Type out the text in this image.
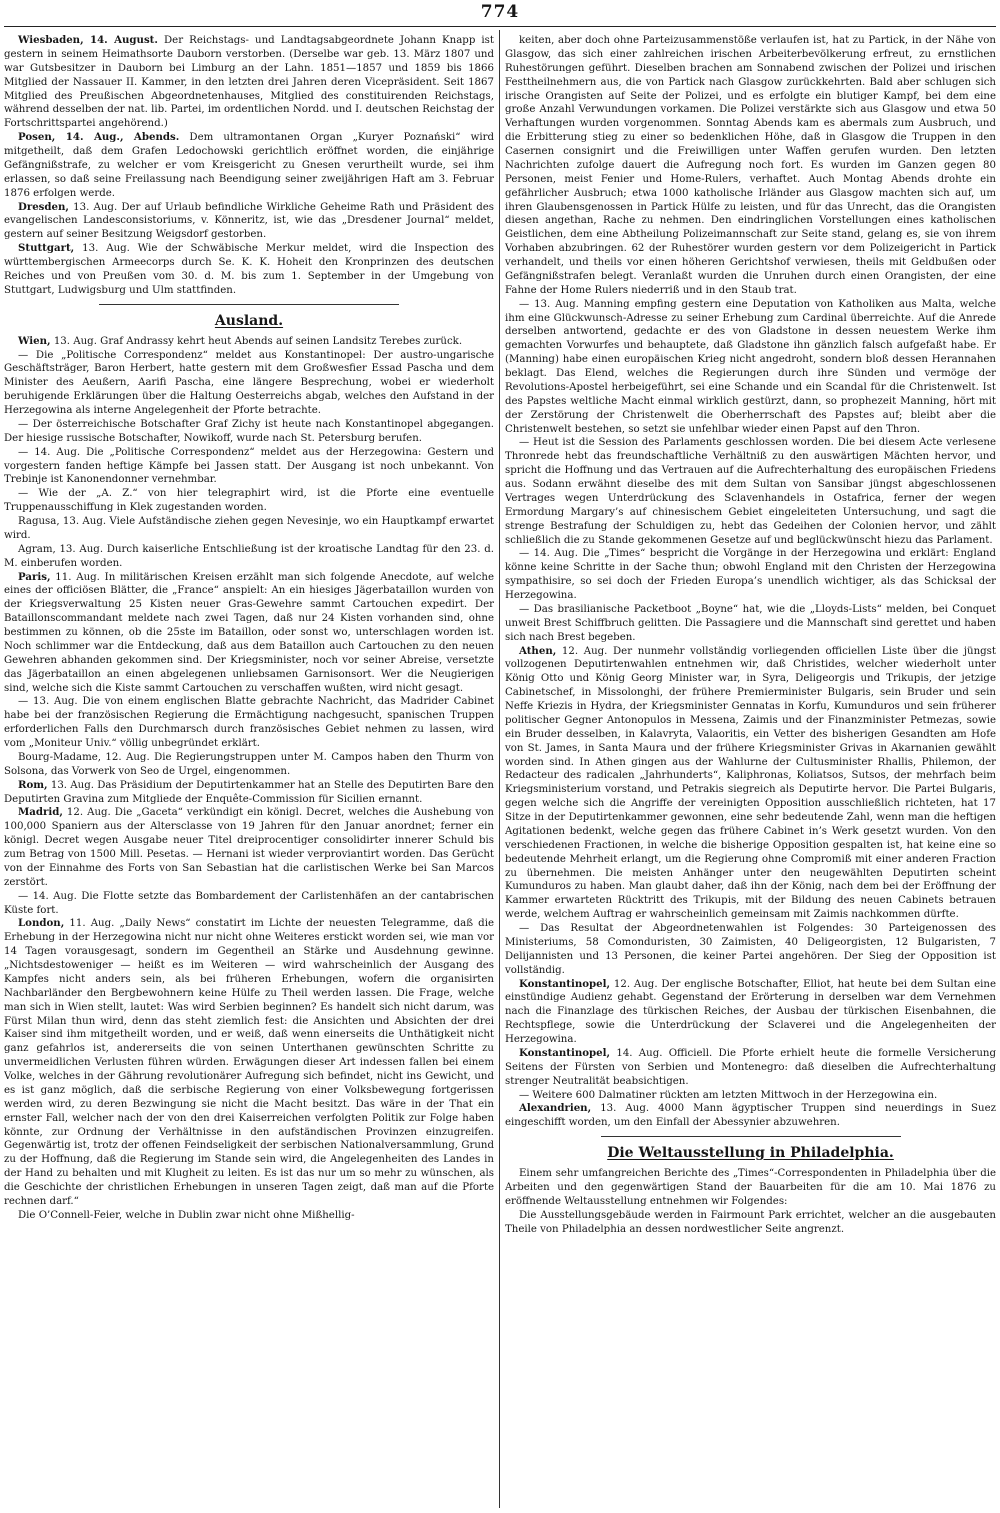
774

Wiesbaden, 14. August. Der Reichstags- und Landtagsabgeordnete Johann Knapp ist gestern in seinem Heimathsorte Dauborn verstorben. (Derselbe war geb. 13. März 1807 und war Gutsbesitzer in Dauborn bei Limburg an der Lahn. 1851—1857 und 1859 bis 1866 Mitglied der Nassauer II. Kammer, in den letzten drei Jahren deren Vicepräsident. Seit 1867 Mitglied des Preußischen Abgeordnetenhauses, Mitglied des constituirenden Reichstags, während desselben der nat. lib. Partei, im ordentlichen Nordd. und I. deutschen Reichstag der Fortschrittspartei angehörend.)

Posen, 14. Aug., Abends. Dem ultramontanen Organ „Kuryer Poznański“ wird mitgetheilt, daß dem Grafen Ledochowski gerichtlich eröffnet worden, die einjährige Gefängnißstrafe, zu welcher er vom Kreisgericht zu Gnesen verurtheilt wurde, sei ihm erlassen, so daß seine Freilassung nach Beendigung seiner zweijährigen Haft am 3. Februar 1876 erfolgen werde.

Dresden, 13. Aug. Der auf Urlaub befindliche Wirkliche Geheime Rath und Präsident des evangelischen Landesconsistoriums, v. Könneritz, ist, wie das „Dresdener Journal“ meldet, gestern auf seiner Besitzung Weigsdorf gestorben.

Stuttgart, 13. Aug. Wie der Schwäbische Merkur meldet, wird die Inspection des württembergischen Armeecorps durch Se. K. K. Hoheit den Kronprinzen des deutschen Reiches und von Preußen vom 30. d. M. bis zum 1. September in der Umgebung von Stuttgart, Ludwigsburg und Ulm stattfinden.

Ausland.

Wien, 13. Aug. Graf Andrassy kehrt heut Abends auf seinen Landsitz Terebes zurück.

— Die „Politische Correspondenz“ meldet aus Konstantinopel: Der austro-ungarische Geschäftsträger, Baron Herbert, hatte gestern mit dem Großwesfier Essad Pascha und dem Minister des Aeußern, Aarifi Pascha, eine längere Besprechung, wobei er wiederholt beruhigende Erklärungen über die Haltung Oesterreichs abgab, welches den Aufstand in der Herzegowina als interne Angelegenheit der Pforte betrachte.

— Der österreichische Botschafter Graf Zichy ist heute nach Konstantinopel abgegangen. Der hiesige russische Botschafter, Nowikoff, wurde nach St. Petersburg berufen.

— 14. Aug. Die „Politische Correspondenz“ meldet aus der Herzegowina: Gestern und vorgestern fanden heftige Kämpfe bei Jassen statt. Der Ausgang ist noch unbekannt. Von Trebinje ist Kanonendonner vernehmbar.

— Wie der „A. Z.“ von hier telegraphirt wird, ist die Pforte eine eventuelle Truppenausschiffung in Klek zugestanden worden.

Ragusa, 13. Aug. Viele Aufständische ziehen gegen Nevesinje, wo ein Hauptkampf erwartet wird.

Agram, 13. Aug. Durch kaiserliche Entschließung ist der kroatische Landtag für den 23. d. M. einberufen worden.

Paris, 11. Aug. In militärischen Kreisen erzählt man sich folgende Anecdote, auf welche eines der officiösen Blätter, die „France“ anspielt: An ein hiesiges Jägerbataillon wurden von der Kriegsverwaltung 25 Kisten neuer Gras-Gewehre sammt Cartouchen expedirt. Der Bataillonscommandant meldete nach zwei Tagen, daß nur 24 Kisten vorhanden sind, ohne bestimmen zu können, ob die 25ste im Bataillon, oder sonst wo, unterschlagen worden ist. Noch schlimmer war die Entdeckung, daß aus dem Bataillon auch Cartouchen zu den neuen Gewehren abhanden gekommen sind. Der Kriegsminister, noch vor seiner Abreise, versetzte das Jägerbataillon an einen abgelegenen unliebsamen Garnisonsort. Wer die Neugierigen sind, welche sich die Kiste sammt Cartouchen zu verschaffen wußten, wird nicht gesagt.

— 13. Aug. Die von einem englischen Blatte gebrachte Nachricht, das Madrider Cabinet habe bei der französischen Regierung die Ermächtigung nachgesucht, spanischen Truppen erforderlichen Falls den Durchmarsch durch französisches Gebiet nehmen zu lassen, wird vom „Moniteur Univ.“ völlig unbegründet erklärt.

Bourg-Madame, 12. Aug. Die Regierungstruppen unter M. Campos haben den Thurm von Solsona, das Vorwerk von Seo de Urgel, eingenommen.

Rom, 13. Aug. Das Präsidium der Deputirtenkammer hat an Stelle des Deputirten Bare den Deputirten Gravina zum Mitgliede der Enquête-Commission für Sicilien ernannt.

Madrid, 12. Aug. Die „Gaceta“ verkündigt ein königl. Decret, welches die Aushebung von 100,000 Spaniern aus der Altersclasse von 19 Jahren für den Januar anordnet; ferner ein königl. Decret wegen Ausgabe neuer Titel dreiprocentiger consolidirter innerer Schuld bis zum Betrag von 1500 Mill. Pesetas. — Hernani ist wieder verproviantirt worden. Das Gerücht von der Einnahme des Forts von San Sebastian hat die carlistischen Werke bei San Marcos zerstört.

— 14. Aug. Die Flotte setzte das Bombardement der Carlistenhäfen an der cantabrischen Küste fort.

London, 11. Aug. „Daily News“ constatirt im Lichte der neuesten Telegramme, daß die Erhebung in der Herzegowina nicht nur nicht ohne Weiteres erstickt worden sei, wie man vor 14 Tagen vorausgesagt, sondern im Gegentheil an Stärke und Ausdehnung gewinne. „Nichtsdestoweniger — heißt es im Weiteren — wird wahrscheinlich der Ausgang des Kampfes nicht anders sein, als bei früheren Erhebungen, wofern die organisirten Nachbarländer den Bergbewohnern keine Hülfe zu Theil werden lassen. Die Frage, welche man sich in Wien stellt, lautet: Was wird Serbien beginnen? Es handelt sich nicht darum, was Fürst Milan thun wird, denn das steht ziemlich fest: die Ansichten und Absichten der drei Kaiser sind ihm mitgetheilt worden, und er weiß, daß wenn einerseits die Unthätigkeit nicht ganz gefahrlos ist, andererseits die von seinen Unterthanen gewünschten Schritte zu unvermeidlichen Verlusten führen würden. Erwägungen dieser Art indessen fallen bei einem Volke, welches in der Gährung revolutionärer Aufregung sich befindet, nicht ins Gewicht, und es ist ganz möglich, daß die serbische Regierung von einer Volksbewegung fortgerissen werden wird, zu deren Bezwingung sie nicht die Macht besitzt. Das wäre in der That ein ernster Fall, welcher nach der von den drei Kaiserreichen verfolgten Politik zur Folge haben könnte, zur Ordnung der Verhältnisse in den aufständischen Provinzen einzugreifen. Gegenwärtig ist, trotz der offenen Feindseligkeit der serbischen Nationalversammlung, Grund zu der Hoffnung, daß die Regierung im Stande sein wird, die Angelegenheiten des Landes in der Hand zu behalten und mit Klugheit zu leiten. Es ist das nur um so mehr zu wünschen, als die Geschichte der christlichen Erhebungen in unseren Tagen zeigt, daß man auf die Pforte rechnen darf.“

Die O’Connell-Feier, welche in Dublin zwar nicht ohne Mißhellig-

keiten, aber doch ohne Parteizusammenstöße verlaufen ist, hat zu Partick, in der Nähe von Glasgow, das sich einer zahlreichen irischen Arbeiterbevölkerung erfreut, zu ernstlichen Ruhestörungen geführt. Dieselben brachen am Sonnabend zwischen der Polizei und irischen Festtheilnehmern aus, die von Partick nach Glasgow zurückkehrten. Bald aber schlugen sich irische Orangisten auf Seite der Polizei, und es erfolgte ein blutiger Kampf, bei dem eine große Anzahl Verwundungen vorkamen. Die Polizei verstärkte sich aus Glasgow und etwa 50 Verhaftungen wurden vorgenommen. Sonntag Abends kam es abermals zum Ausbruch, und die Erbitterung stieg zu einer so bedenklichen Höhe, daß in Glasgow die Truppen in den Casernen consignirt und die Freiwilligen unter Waffen gerufen wurden. Den letzten Nachrichten zufolge dauert die Aufregung noch fort. Es wurden im Ganzen gegen 80 Personen, meist Fenier und Home-Rulers, verhaftet. Auch Montag Abends drohte ein gefährlicher Ausbruch; etwa 1000 katholische Irländer aus Glasgow machten sich auf, um ihren Glaubensgenossen in Partick Hülfe zu leisten, und für das Unrecht, das die Orangisten diesen angethan, Rache zu nehmen. Den eindringlichen Vorstellungen eines katholischen Geistlichen, dem eine Abtheilung Polizeimannschaft zur Seite stand, gelang es, sie von ihrem Vorhaben abzubringen. 62 der Ruhestörer wurden gestern vor dem Polizeigericht in Partick verhandelt, und theils vor einen höheren Gerichtshof verwiesen, theils mit Geldbußen oder Gefängnißstrafen belegt. Veranlaßt wurden die Unruhen durch einen Orangisten, der eine Fahne der Home Rulers niederriß und in den Staub trat.

— 13. Aug. Manning empfing gestern eine Deputation von Katholiken aus Malta, welche ihm eine Glückwunsch-Adresse zu seiner Erhebung zum Cardinal überreichte. Auf die Anrede derselben antwortend, gedachte er des von Gladstone in dessen neuestem Werke ihm gemachten Vorwurfes und behauptete, daß Gladstone ihn gänzlich falsch aufgefaßt habe. Er (Manning) habe einen europäischen Krieg nicht angedroht, sondern bloß dessen Herannahen beklagt. Das Elend, welches die Regierungen durch ihre Sünden und vermöge der Revolutions-Apostel herbeigeführt, sei eine Schande und ein Scandal für die Christenwelt. Ist des Papstes weltliche Macht einmal wirklich gestürzt, dann, so prophezeit Manning, hört mit der Zerstörung der Christenwelt die Oberherrschaft des Papstes auf; bleibt aber die Christenwelt bestehen, so setzt sie unfehlbar wieder einen Papst auf den Thron.

— Heut ist die Session des Parlaments geschlossen worden. Die bei diesem Acte verlesene Thronrede hebt das freundschaftliche Verhältniß zu den auswärtigen Mächten hervor, und spricht die Hoffnung und das Vertrauen auf die Aufrechterhaltung des europäischen Friedens aus. Sodann erwähnt dieselbe des mit dem Sultan von Sansibar jüngst abgeschlossenen Vertrages wegen Unterdrückung des Sclavenhandels in Ostafrica, ferner der wegen Ermordung Margary’s auf chinesischem Gebiet eingeleiteten Untersuchung, und sagt die strenge Bestrafung der Schuldigen zu, hebt das Gedeihen der Colonien hervor, und zählt schließlich die zu Stande gekommenen Gesetze auf und beglückwünscht hiezu das Parlament.

— 14. Aug. Die „Times“ bespricht die Vorgänge in der Herzegowina und erklärt: England könne keine Schritte in der Sache thun; obwohl England mit den Christen der Herzegowina sympathisire, so sei doch der Frieden Europa’s unendlich wichtiger, als das Schicksal der Herzegowina.

— Das brasilianische Packetboot „Boyne“ hat, wie die „Lloyds-Lists“ melden, bei Conquet unweit Brest Schiffbruch gelitten. Die Passagiere und die Mannschaft sind gerettet und haben sich nach Brest begeben.

Athen, 12. Aug. Der nunmehr vollständig vorliegenden officiellen Liste über die jüngst vollzogenen Deputirtenwahlen entnehmen wir, daß Christides, welcher wiederholt unter König Otto und König Georg Minister war, in Syra, Deligeorgis und Trikupis, der jetzige Cabinetschef, in Missolonghi, der frühere Premierminister Bulgaris, sein Bruder und sein Neffe Kriezis in Hydra, der Kriegsminister Gennatas in Korfu, Kumunduros und sein früherer politischer Gegner Antonopulos in Messena, Zaimis und der Finanzminister Petmezas, sowie ein Bruder desselben, in Kalavryta, Valaoritis, ein Vetter des bisherigen Gesandten am Hofe von St. James, in Santa Maura und der frühere Kriegsminister Grivas in Akarnanien gewählt worden sind. In Athen gingen aus der Wahlurne der Cultusminister Rhallis, Philemon, der Redacteur des radicalen „Jahrhunderts“, Kaliphronas, Koliatsos, Sutsos, der mehrfach beim Kriegsministerium vorstand, und Petrakis siegreich als Deputirte hervor. Die Partei Bulgaris, gegen welche sich die Angriffe der vereinigten Opposition ausschließlich richteten, hat 17 Sitze in der Deputirtenkammer gewonnen, eine sehr bedeutende Zahl, wenn man die heftigen Agitationen bedenkt, welche gegen das frühere Cabinet in’s Werk gesetzt wurden. Von den verschiedenen Fractionen, in welche die bisherige Opposition gespalten ist, hat keine eine so bedeutende Mehrheit erlangt, um die Regierung ohne Compromiß mit einer anderen Fraction zu übernehmen. Die meisten Anhänger unter den neugewählten Deputirten scheint Kumunduros zu haben. Man glaubt daher, daß ihn der König, nach dem bei der Eröffnung der Kammer erwarteten Rücktritt des Trikupis, mit der Bildung des neuen Cabinets betrauen werde, welchem Auftrag er wahrscheinlich gemeinsam mit Zaimis nachkommen dürfte.

— Das Resultat der Abgeordnetenwahlen ist Folgendes: 30 Parteigenossen des Ministeriums, 58 Comonduristen, 30 Zaimisten, 40 Deligeorgisten, 12 Bulgaristen, 7 Delijannisten und 13 Personen, die keiner Partei angehören. Der Sieg der Opposition ist vollständig.

Konstantinopel, 12. Aug. Der englische Botschafter, Elliot, hat heute bei dem Sultan eine einstündige Audienz gehabt. Gegenstand der Erörterung in derselben war dem Vernehmen nach die Finanzlage des türkischen Reiches, der Ausbau der türkischen Eisenbahnen, die Rechtspflege, sowie die Unterdrückung der Sclaverei und die Angelegenheiten der Herzegowina.

Konstantinopel, 14. Aug. Officiell. Die Pforte erhielt heute die formelle Versicherung Seitens der Fürsten von Serbien und Montenegro: daß dieselben die Aufrechterhaltung strenger Neutralität beabsichtigen.

— Weitere 600 Dalmatiner rückten am letzten Mittwoch in der Herzegowina ein.

Alexandrien, 13. Aug. 4000 Mann ägyptischer Truppen sind neuerdings in Suez eingeschifft worden, um den Einfall der Abessynier abzuwehren.

Die Weltausstellung in Philadelphia.

Einem sehr umfangreichen Berichte des „Times“-Correspondenten in Philadelphia über die Arbeiten und den gegenwärtigen Stand der Bauarbeiten für die am 10. Mai 1876 zu eröffnende Weltausstellung entnehmen wir Folgendes:

Die Ausstellungsgebäude werden in Fairmount Park errichtet, welcher an die ausgebauten Theile von Philadelphia an dessen nordwestlicher Seite angrenzt.
